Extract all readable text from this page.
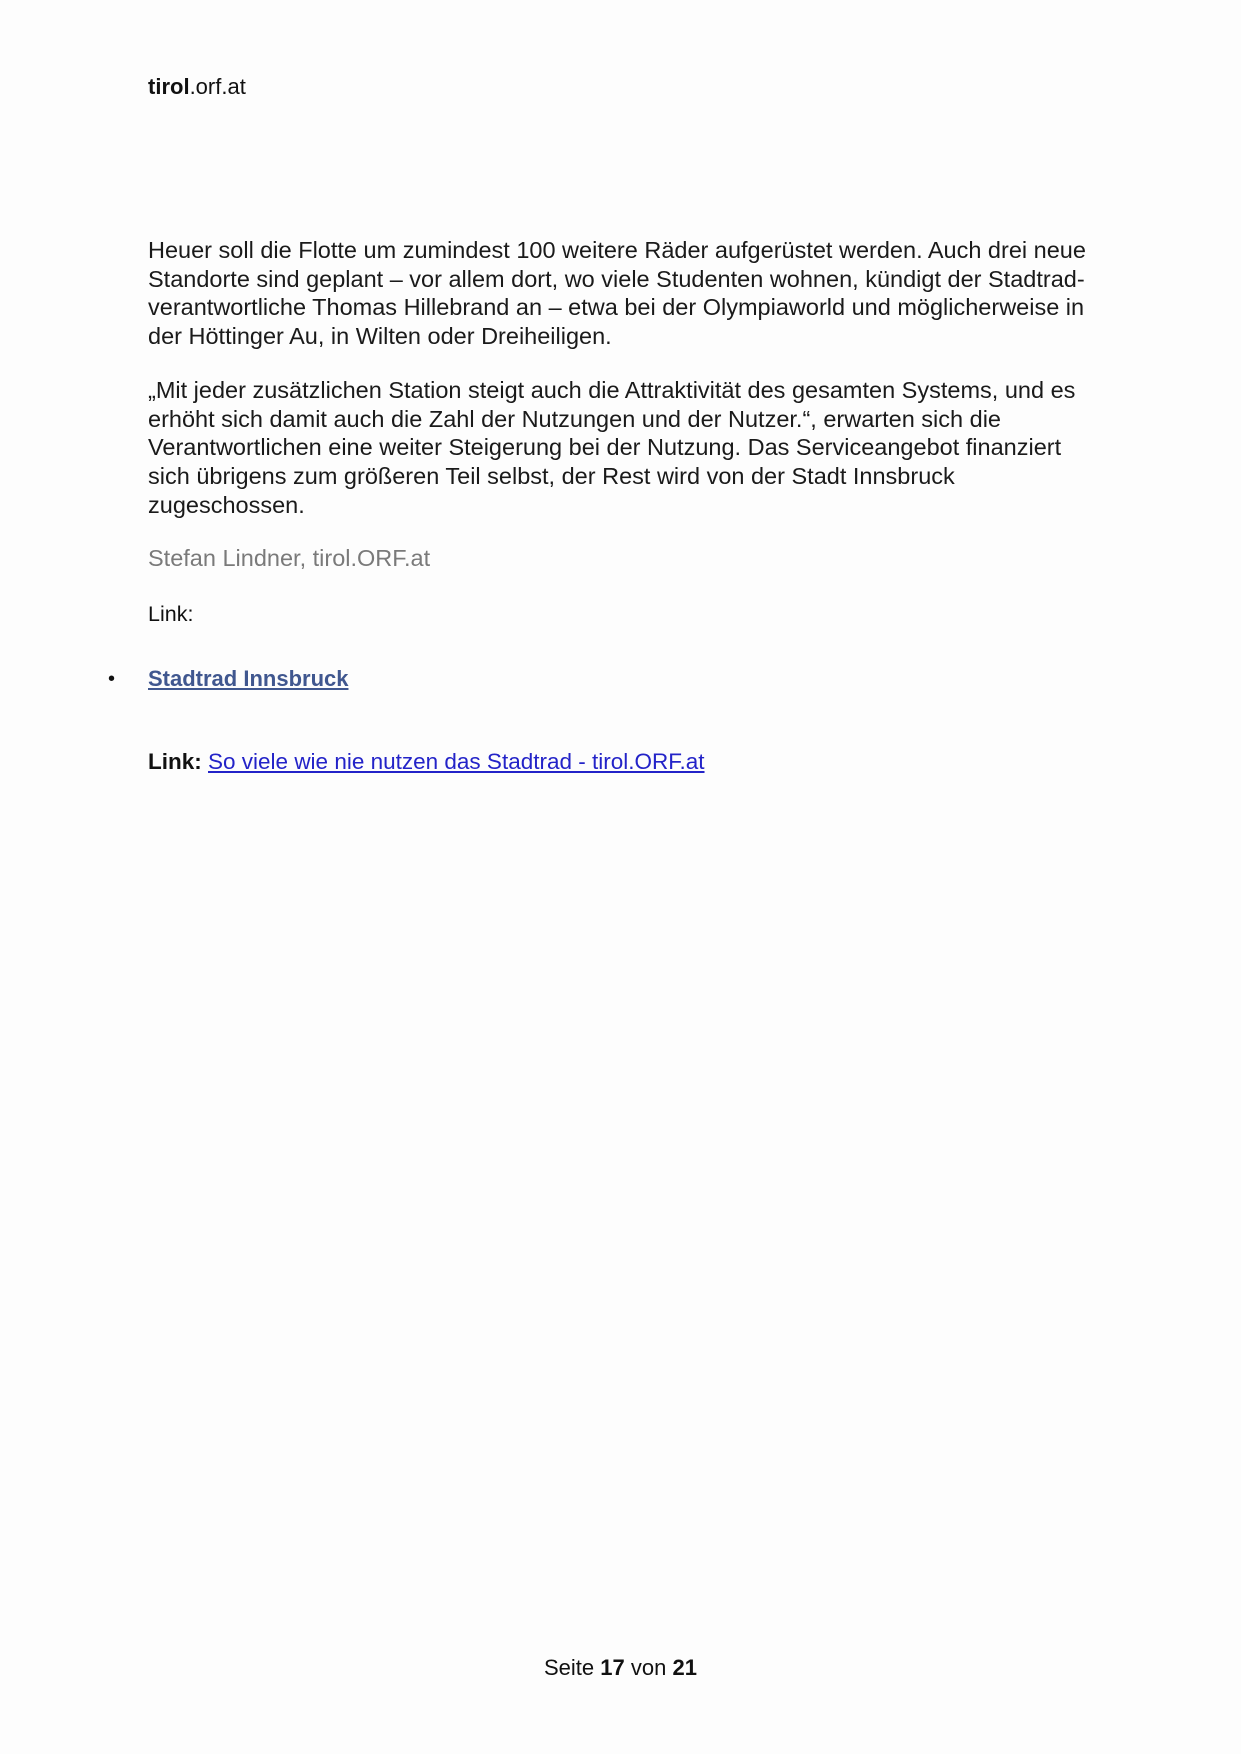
tirol.orf.at

Heuer soll die Flotte um zumindest 100 weitere Räder aufgerüstet werden. Auch drei neue Standorte sind geplant – vor allem dort, wo viele Studenten wohnen, kündigt der Stadtrad-verantwortliche Thomas Hillebrand an – etwa bei der Olympiaworld und möglicherweise in der Höttinger Au, in Wilten oder Dreiheiligen.

„Mit jeder zusätzlichen Station steigt auch die Attraktivität des gesamten Systems, und es erhöht sich damit auch die Zahl der Nutzungen und der Nutzer.“, erwarten sich die Verantwortlichen eine weiter Steigerung bei der Nutzung. Das Serviceangebot finanziert sich übrigens zum größeren Teil selbst, der Rest wird von der Stadt Innsbruck zugeschossen.

Stefan Lindner, tirol.ORF.at

Link:

• Stadtrad Innsbruck
Link: So viele wie nie nutzen das Stadtrad - tirol.ORF.at
Seite 17 von 21
